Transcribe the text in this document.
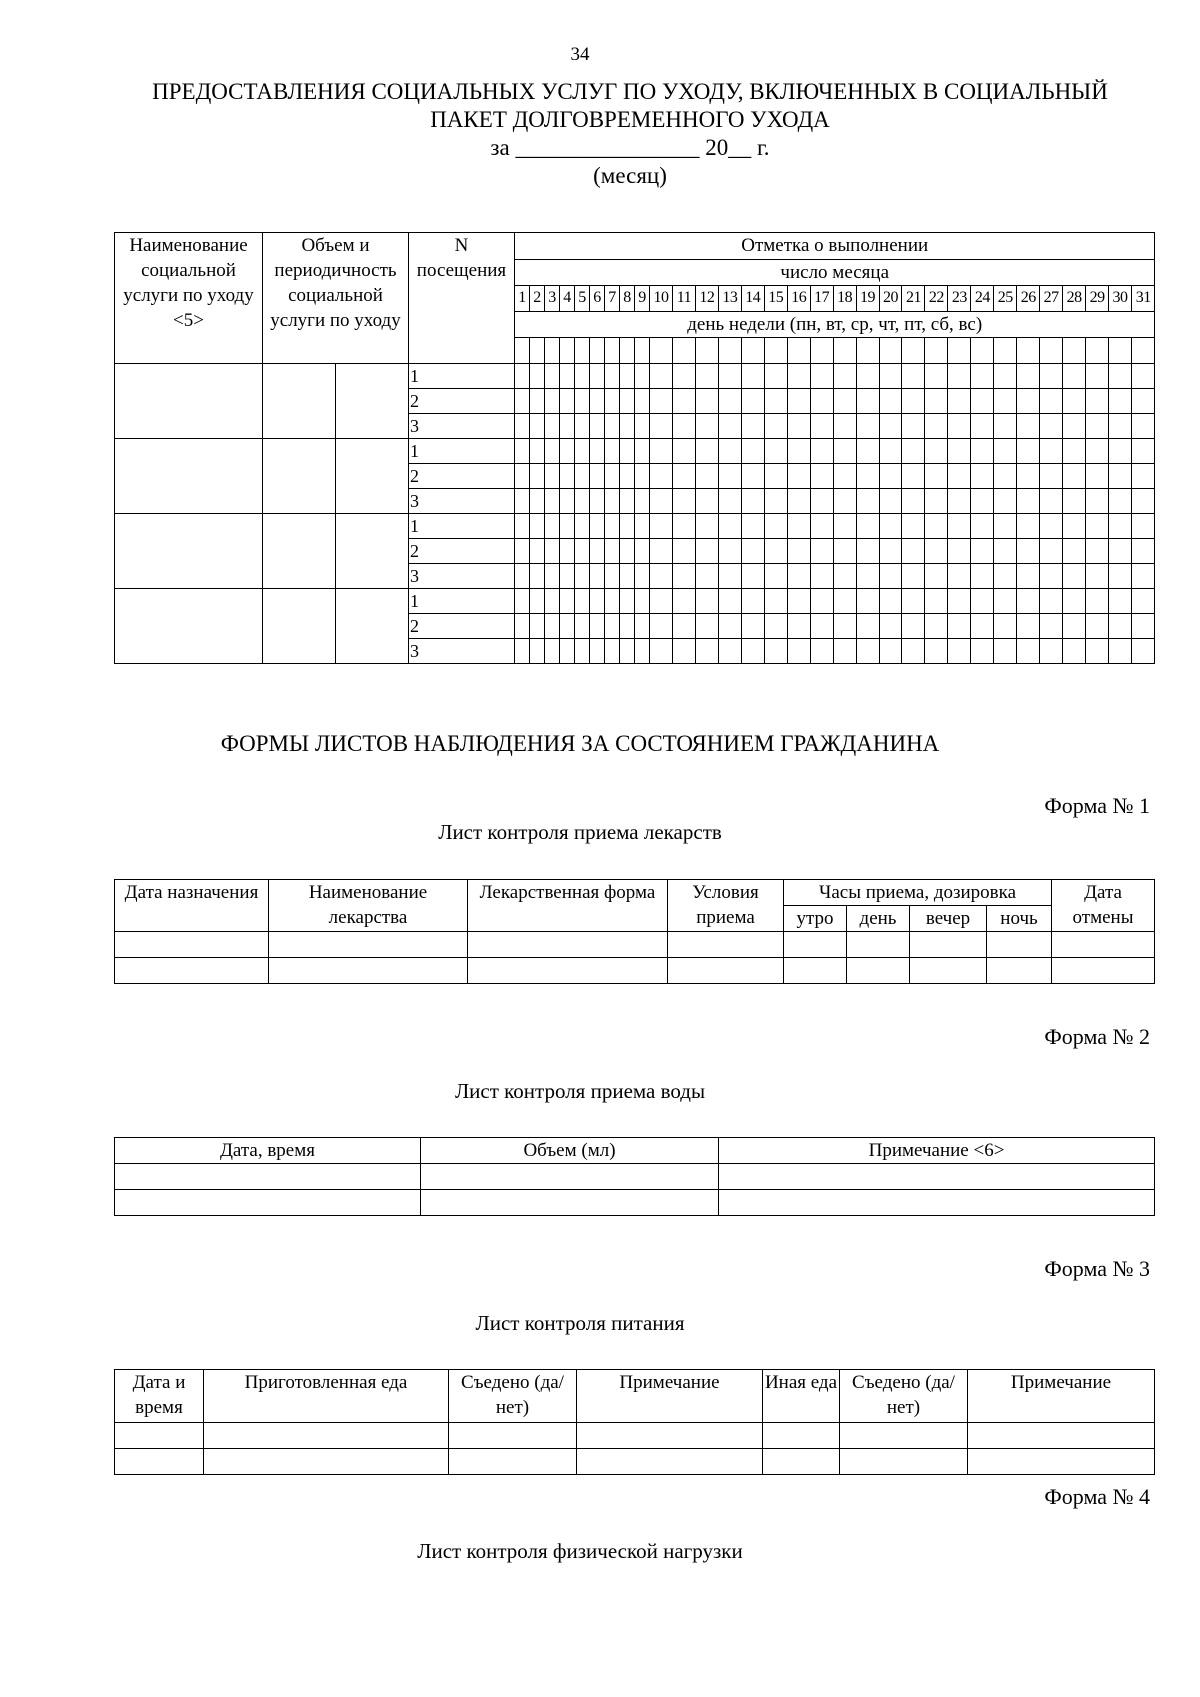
34
ПРЕДОСТАВЛЕНИЯ СОЦИАЛЬНЫХ УСЛУГ ПО УХОДУ, ВКЛЮЧЕННЫХ В СОЦИАЛЬНЫЙ
ПАКЕТ ДОЛГОВРЕМЕННОГО УХОДА
за ________________ 20__ г.
(месяц)
Наименование социальной услуги по уходу <5>	Объем и периодичность социальной услуги по уходу		N посещения	Отметка о выполнении																														
				число месяца																														
				1	2	3	4	5	6	7	8	9	10	11	12	13	14	15	16	17	18	19	20	21	22	23	24	25	26	27	28	29	30	31
				день недели (пн, вт, ср, чт, пт, сб, вс)																														

			1																															
			2																															
			3																															
			1																															
			2																															
			3																															
			1																															
			2																															
			3																															
			1																															
			2																															
			3																															
ФОРМЫ ЛИСТОВ НАБЛЮДЕНИЯ ЗА СОСТОЯНИЕМ ГРАЖДАНИНА
Форма № 1
Лист контроля приема лекарств
Дата назначения	Наименование лекарства	Лекарственная форма	Условия приема	Часы приема, дозировка				Дата отмены
				утро	день	вечер	ночь	

Форма № 2
Лист контроля приема воды
Дата, время	Объем (мл)	Примечание <6>

Форма № 3
Лист контроля питания
Дата и время	Приготовленная еда	Съедено (да/нет)	Примечание	Иная еда	Съедено (да/нет)	Примечание

Форма № 4
Лист контроля физической нагрузки
